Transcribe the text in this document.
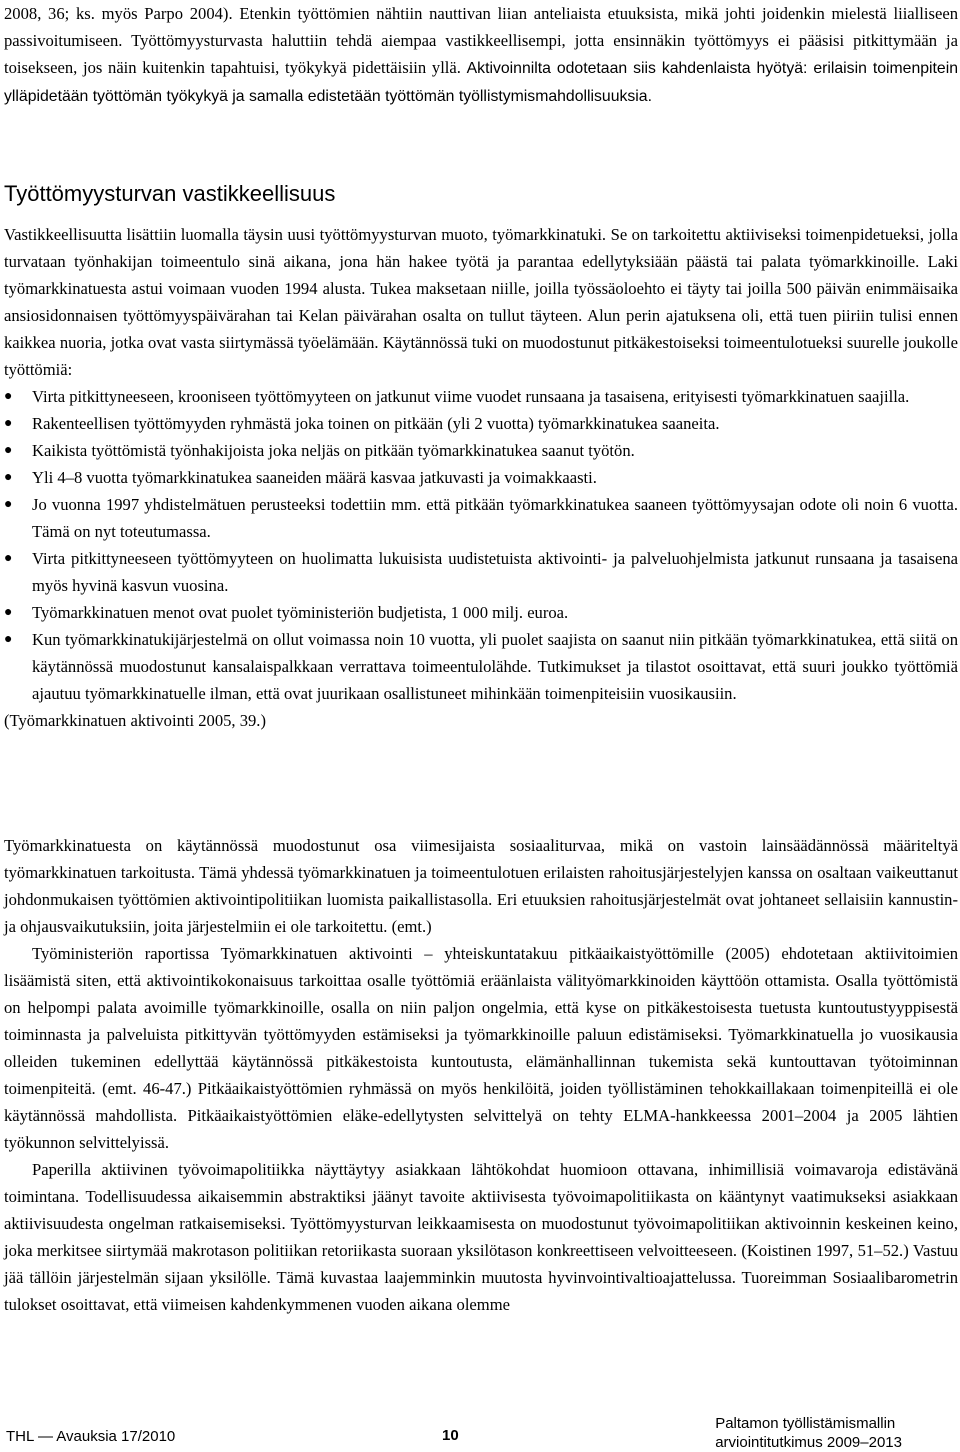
2008, 36; ks. myös Parpo 2004). Etenkin työttömien nähtiin nauttivan liian anteliaista etuuksista, mikä johti joidenkin mielestä liialliseen passivoitumiseen. Työttömyysturvasta haluttiin tehdä aiempaa vastikkeellisempi, jotta ensinnäkin työttömyys ei pääsisi pitkittymään ja toisekseen, jos näin kuitenkin tapahtuisi, työkykyä pidettäisiin yllä. Aktivoinnilta odotetaan siis kahdenlaista hyötyä: erilaisin toimenpitein ylläpidetään työttömän työkykyä ja samalla edistetään työttömän työllistymismahdollisuuksia.

Työttömyysturvan vastikkeellisuus

Vastikkeellisuutta lisättiin luomalla täysin uusi työttömyysturvan muoto, työmarkkinatuki. Se on tarkoitettu aktiiviseksi toimenpidetueksi, jolla turvataan työnhakijan toimeentulo sinä aikana, jona hän hakee työtä ja parantaa edellytyksiään päästä tai palata työmarkkinoille. Laki työmarkkinatuesta astui voimaan vuoden 1994 alusta. Tukea maksetaan niille, joilla työssäoloehto ei täyty tai joilla 500 päivän enimmäisaika ansiosidonnaisen työttömyyspäivärahan tai Kelan päivärahan osalta on tullut täyteen. Alun perin ajatuksena oli, että tuen piiriin tulisi ennen kaikkea nuoria, jotka ovat vasta siirtymässä työelämään. Käytännössä tuki on muodostunut pitkäkestoiseksi toimeentulotueksi suurelle joukolle työttömiä:

● Virta pitkittyneeseen, krooniseen työttömyyteen on jatkunut viime vuodet runsaana ja tasaisena, erityisesti työmarkkinatuen saajilla.
● Rakenteellisen työttömyyden ryhmästä joka toinen on pitkään (yli 2 vuotta) työmarkkinatukea saaneita.
● Kaikista työttömistä työnhakijoista joka neljäs on pitkään työmarkkinatukea saanut työtön.
● Yli 4–8 vuotta työmarkkinatukea saaneiden määrä kasvaa jatkuvasti ja voimakkaasti.
● Jo vuonna 1997 yhdistelmätuen perusteeksi todettiin mm. että pitkään työmarkkinatukea saaneen työttömyysajan odote oli noin 6 vuotta. Tämä on nyt toteutumassa.
● Virta pitkittyneeseen työttömyyteen on huolimatta lukuisista uudistetuista aktivointi- ja palveluohjelmista jatkunut runsaana ja tasaisena myös hyvinä kasvun vuosina.
● Työmarkkinatuen menot ovat puolet työministeriön budjetista, 1 000 milj. euroa.
● Kun työmarkkinatukijärjestelmä on ollut voimassa noin 10 vuotta, yli puolet saajista on saanut niin pitkään työmarkkinatukea, että siitä on käytännössä muodostunut kansalaispalkkaan verrattava toimeentulolähde. Tutkimukset ja tilastot osoittavat, että suuri joukko työttömiä ajautuu työmarkkinatuelle ilman, että ovat juurikaan osallistuneet mihinkään toimenpiteisiin vuosikausiin.

(Työmarkkinatuen aktivointi 2005, 39.)

Työmarkkinatuesta on käytännössä muodostunut osa viimesijaista sosiaaliturvaa, mikä on vastoin lainsäädännössä määriteltyä työmarkkinatuen tarkoitusta. Tämä yhdessä työmarkkinatuen ja toimeentulotuen erilaisten rahoitusjärjestelyjen kanssa on osaltaan vaikeuttanut johdonmukaisen työttömien aktivointipolitiikan luomista paikallistasolla. Eri etuuksien rahoitusjärjestelmät ovat johtaneet sellaisiin kannustin- ja ohjausvaikutuksiin, joita järjestelmiin ei ole tarkoitettu. (emt.)

Työministeriön raportissa Työmarkkinatuen aktivointi – yhteiskuntatakuu pitkäaikaistyöttömille (2005) ehdotetaan aktiivitoimien lisäämistä siten, että aktivointikokonaisuus tarkoittaa osalle työttömiä eräänlaista välityömarkkinoiden käyttöön ottamista. Osalla työttömistä on helpompi palata avoimille työmarkkinoille, osalla on niin paljon ongelmia, että kyse on pitkäkestoisesta tuetusta kuntoutustyyppisestä toiminnasta ja palveluista pitkittyvän työttömyyden estämiseksi ja työmarkkinoille paluun edistämiseksi. Työmarkkinatuella jo vuosikausia olleiden tukeminen edellyttää käytännössä pitkäkestoista kuntoutusta, elämänhallinnan tukemista sekä kuntouttavan työtoiminnan toimenpiteitä. (emt. 46-47.) Pitkäaikaistyöttömien ryhmässä on myös henkilöitä, joiden työllistäminen tehokkaillakaan toimenpiteillä ei ole käytännössä mahdollista. Pitkäaikaistyöttömien eläke-edellytysten selvittelyä on tehty ELMA-hankkeessa 2001–2004 ja 2005 lähtien työkunnon selvittelyissä.

Paperilla aktiivinen työvoimapolitiikka näyttäytyy asiakkaan lähtökohdat huomioon ottavana, inhimillisiä voimavaroja edistävänä toimintana. Todellisuudessa aikaisemmin abstraktiksi jäänyt tavoite aktiivisesta työvoimapolitiikasta on kääntynyt vaatimukseksi asiakkaan aktiivisuudesta ongelman ratkaisemiseksi. Työttömyysturvan leikkaamisesta on muodostunut työvoimapolitiikan aktivoinnin keskeinen keino, joka merkitsee siirtymää makrotason politiikan retoriikasta suoraan yksilötason konkreettiseen velvoitteeseen. (Koistinen 1997, 51–52.) Vastuu jää tällöin järjestelmän sijaan yksilölle. Tämä kuvastaa laajemminkin muutosta hyvinvointivaltioajattelussa. Tuoreimman Sosiaalibarometrin tulokset osoittavat, että viimeisen kahdenkymmenen vuoden aikana olemme

THL — Avauksia 17/2010	10
Paltamon työllistämismallin
arviointitutkimus 2009–2013
